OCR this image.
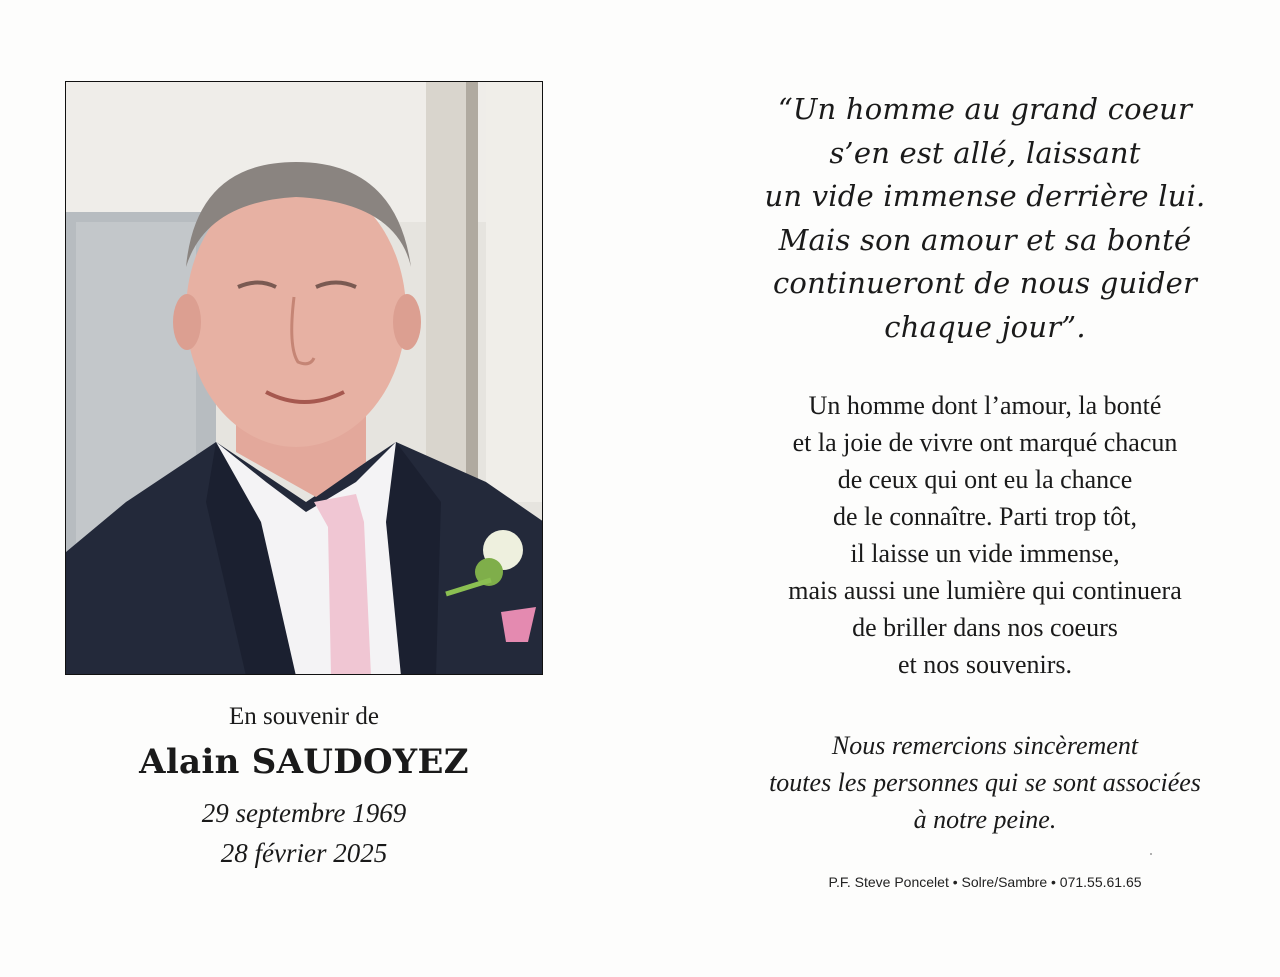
En souvenir de
Alain SAUDOYEZ
29 septembre 1969
28 février 2025
“Un homme au grand coeur
s’en est allé, laissant
un vide immense derrière lui.
Mais son amour et sa bonté
continueront de nous guider
chaque jour”.
Un homme dont l’amour, la bonté
et la joie de vivre ont marqué chacun
de ceux qui ont eu la chance
de le connaître. Parti trop tôt,
il laisse un vide immense,
mais aussi une lumière qui continuera
de briller dans nos coeurs
et nos souvenirs.
Nous remercions sincèrement
toutes les personnes qui se sont associées
à notre peine.
P.F. Steve Poncelet • Solre/Sambre • 071.55.61.65
